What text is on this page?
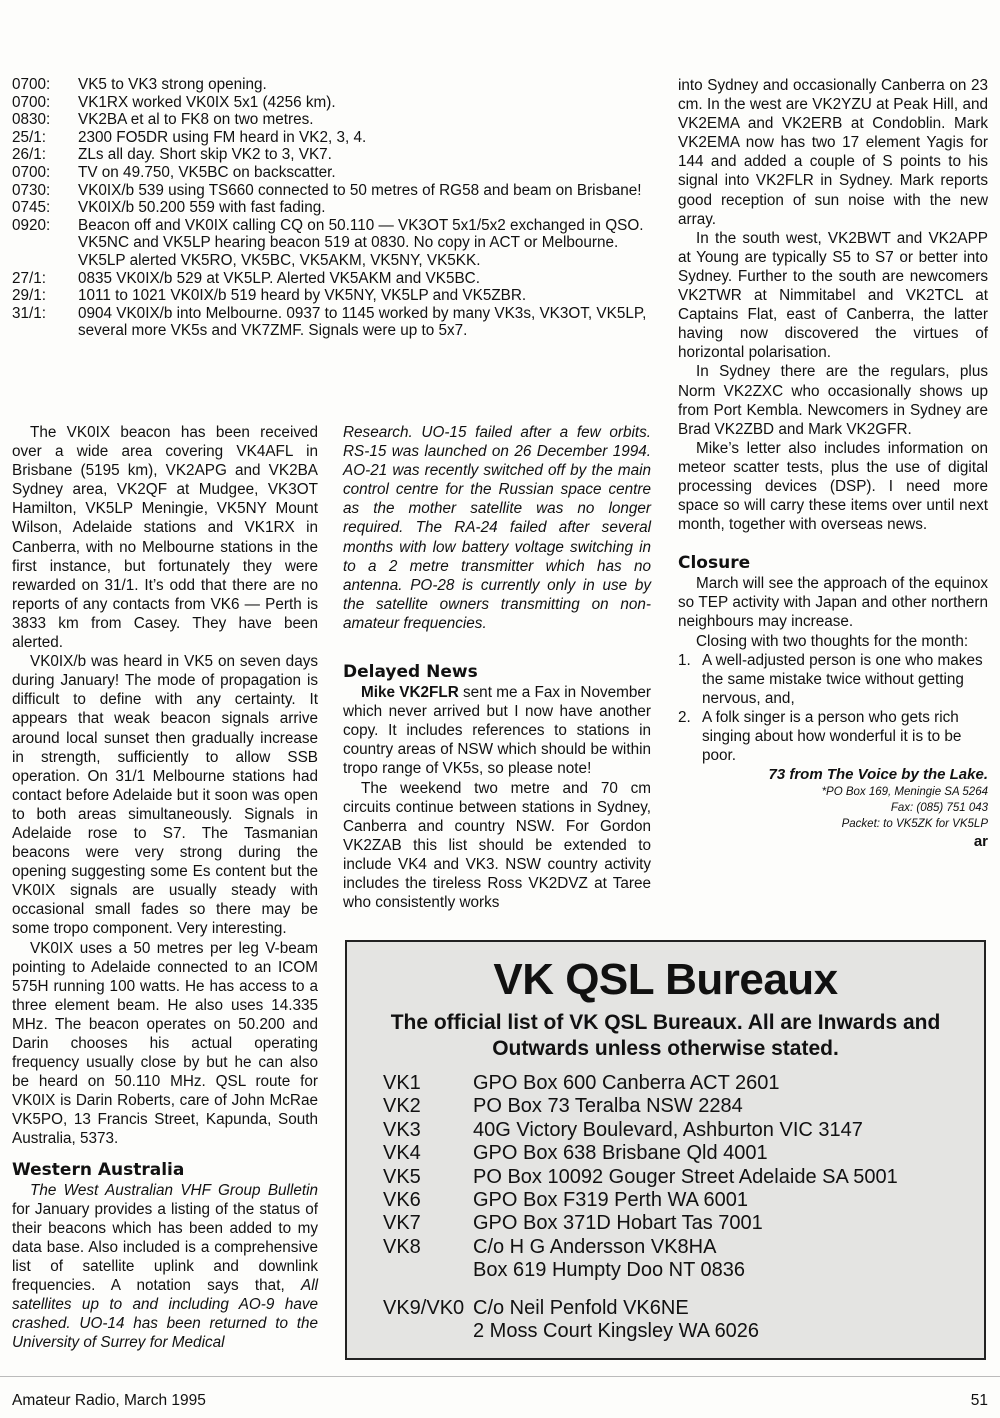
0700:	VK5 to VK3 strong opening.
0700:	VK1RX worked VK0IX 5x1 (4256 km).
0830:	VK2BA et al to FK8 on two metres.
25/1:	2300 FO5DR using FM heard in VK2, 3, 4.
26/1:	ZLs all day. Short skip VK2 to 3, VK7.
0700:	TV on 49.750, VK5BC on backscatter.
0730:	VK0IX/b 539 using TS660 connected to 50 metres of RG58 and beam on Brisbane!
0745:	VK0IX/b 50.200 559 with fast fading.
0920:	Beacon off and VK0IX calling CQ on 50.110 — VK3OT 5x1/5x2 exchanged in QSO. VK5NC and VK5LP hearing beacon 519 at 0830. No copy in ACT or Melbourne. VK5LP alerted VK5RO, VK5BC, VK5AKM, VK5NY, VK5KK.
27/1:	0835 VK0IX/b 529 at VK5LP. Alerted VK5AKM and VK5BC.
29/1:	1011 to 1021 VK0IX/b 519 heard by VK5NY, VK5LP and VK5ZBR.
31/1:	0904 VK0IX/b into Melbourne. 0937 to 1145 worked by many VK3s, VK3OT, VK5LP, several more VK5s and VK7ZMF. Signals were up to 5x7.

The VK0IX beacon has been received over a wide area covering VK4AFL in Brisbane (5195 km), VK2APG and VK2BA Sydney area, VK2QF at Mudgee, VK3OT Hamilton, VK5LP Meningie, VK5NY Mount Wilson, Adelaide stations and VK1RX in Canberra, with no Melbourne stations in the first instance, but fortunately they were rewarded on 31/1. It’s odd that there are no reports of any contacts from VK6 — Perth is 3833 km from Casey. They have been alerted.

VK0IX/b was heard in VK5 on seven days during January! The mode of propagation is difficult to define with any certainty. It appears that weak beacon signals arrive around local sunset then gradually increase in strength, sufficiently to allow SSB operation. On 31/1 Melbourne stations had contact before Adelaide but it soon was open to both areas simultaneously. Signals in Adelaide rose to S7. The Tasmanian beacons were very strong during the opening suggesting some Es content but the VK0IX signals are usually steady with occasional small fades so there may be some tropo component. Very interesting.

VK0IX uses a 50 metres per leg V-beam pointing to Adelaide connected to an ICOM 575H running 100 watts. He has access to a three element beam. He also uses 14.335 MHz. The beacon operates on 50.200 and Darin chooses his actual operating frequency usually close by but he can also be heard on 50.110 MHz. QSL route for VK0IX is Darin Roberts, care of John McRae VK5PO, 13 Francis Street, Kapunda, South Australia, 5373.

Western Australia

The West Australian VHF Group Bulletin for January provides a listing of the status of their beacons which has been added to my data base. Also included is a comprehensive list of satellite uplink and downlink frequencies. A notation says that, All satellites up to and including AO-9 have crashed. UO-14 has been returned to the University of Surrey for Medical

Research. UO-15 failed after a few orbits. RS-15 was launched on 26 December 1994. AO-21 was recently switched off by the main control centre for the Russian space centre as the mother satellite was no longer required. The RA-24 failed after several months with low battery voltage switching in to a 2 metre transmitter which has no antenna. PO-28 is currently only in use by the satellite owners transmitting on non-amateur frequencies.

Delayed News

Mike VK2FLR sent me a Fax in November which never arrived but I now have another copy. It includes references to stations in country areas of NSW which should be within tropo range of VK5s, so please note!

The weekend two metre and 70 cm circuits continue between stations in Sydney, Canberra and country NSW. For Gordon VK2ZAB this list should be extended to include VK4 and VK3. NSW country activity includes the tireless Ross VK2DVZ at Taree who consistently works

into Sydney and occasionally Canberra on 23 cm. In the west are VK2YZU at Peak Hill, and VK2EMA and VK2ERB at Condoblin. Mark VK2EMA now has two 17 element Yagis for 144 and added a couple of S points to his signal into VK2FLR in Sydney. Mark reports good reception of sun noise with the new array.

In the south west, VK2BWT and VK2APP at Young are typically S5 to S7 or better into Sydney. Further to the south are newcomers VK2TWR at Nimmitabel and VK2TCL at Captains Flat, east of Canberra, the latter having now discovered the virtues of horizontal polarisation.

In Sydney there are the regulars, plus Norm VK2ZXC who occasionally shows up from Port Kembla. Newcomers in Sydney are Brad VK2ZBD and Mark VK2GFR.

Mike’s letter also includes information on meteor scatter tests, plus the use of digital processing devices (DSP). I need more space so will carry these items over until next month, together with overseas news.

Closure

March will see the approach of the equinox so TEP activity with Japan and other northern neighbours may increase.

Closing with two thoughts for the month:

1. A well-adjusted person is one who makes the same mistake twice without getting nervous, and,
2. A folk singer is a person who gets rich singing about how wonderful it is to be poor.
73 from The Voice by the Lake.
*PO Box 169, Meningie SA 5264
Fax: (085) 751 043
Packet: to VK5ZK for VK5LP
ar
VK QSL Bureaux
The official list of VK QSL Bureaux. All are Inwards and Outwards unless otherwise stated.
VK1	GPO Box 600 Canberra ACT 2601
VK2	PO Box 73 Teralba NSW 2284
VK3	40G Victory Boulevard, Ashburton VIC 3147
VK4	GPO Box 638 Brisbane Qld 4001
VK5	PO Box 10092 Gouger Street Adelaide SA 5001
VK6	GPO Box F319 Perth WA 6001
VK7	GPO Box 371D Hobart Tas 7001
VK8	C/o H G Andersson VK8HA
Box 619 Humpty Doo NT 0836
VK9/VK0 C/o Neil Penfold VK6NE
2 Moss Court Kingsley WA 6026
Amateur Radio, March 1995	51
